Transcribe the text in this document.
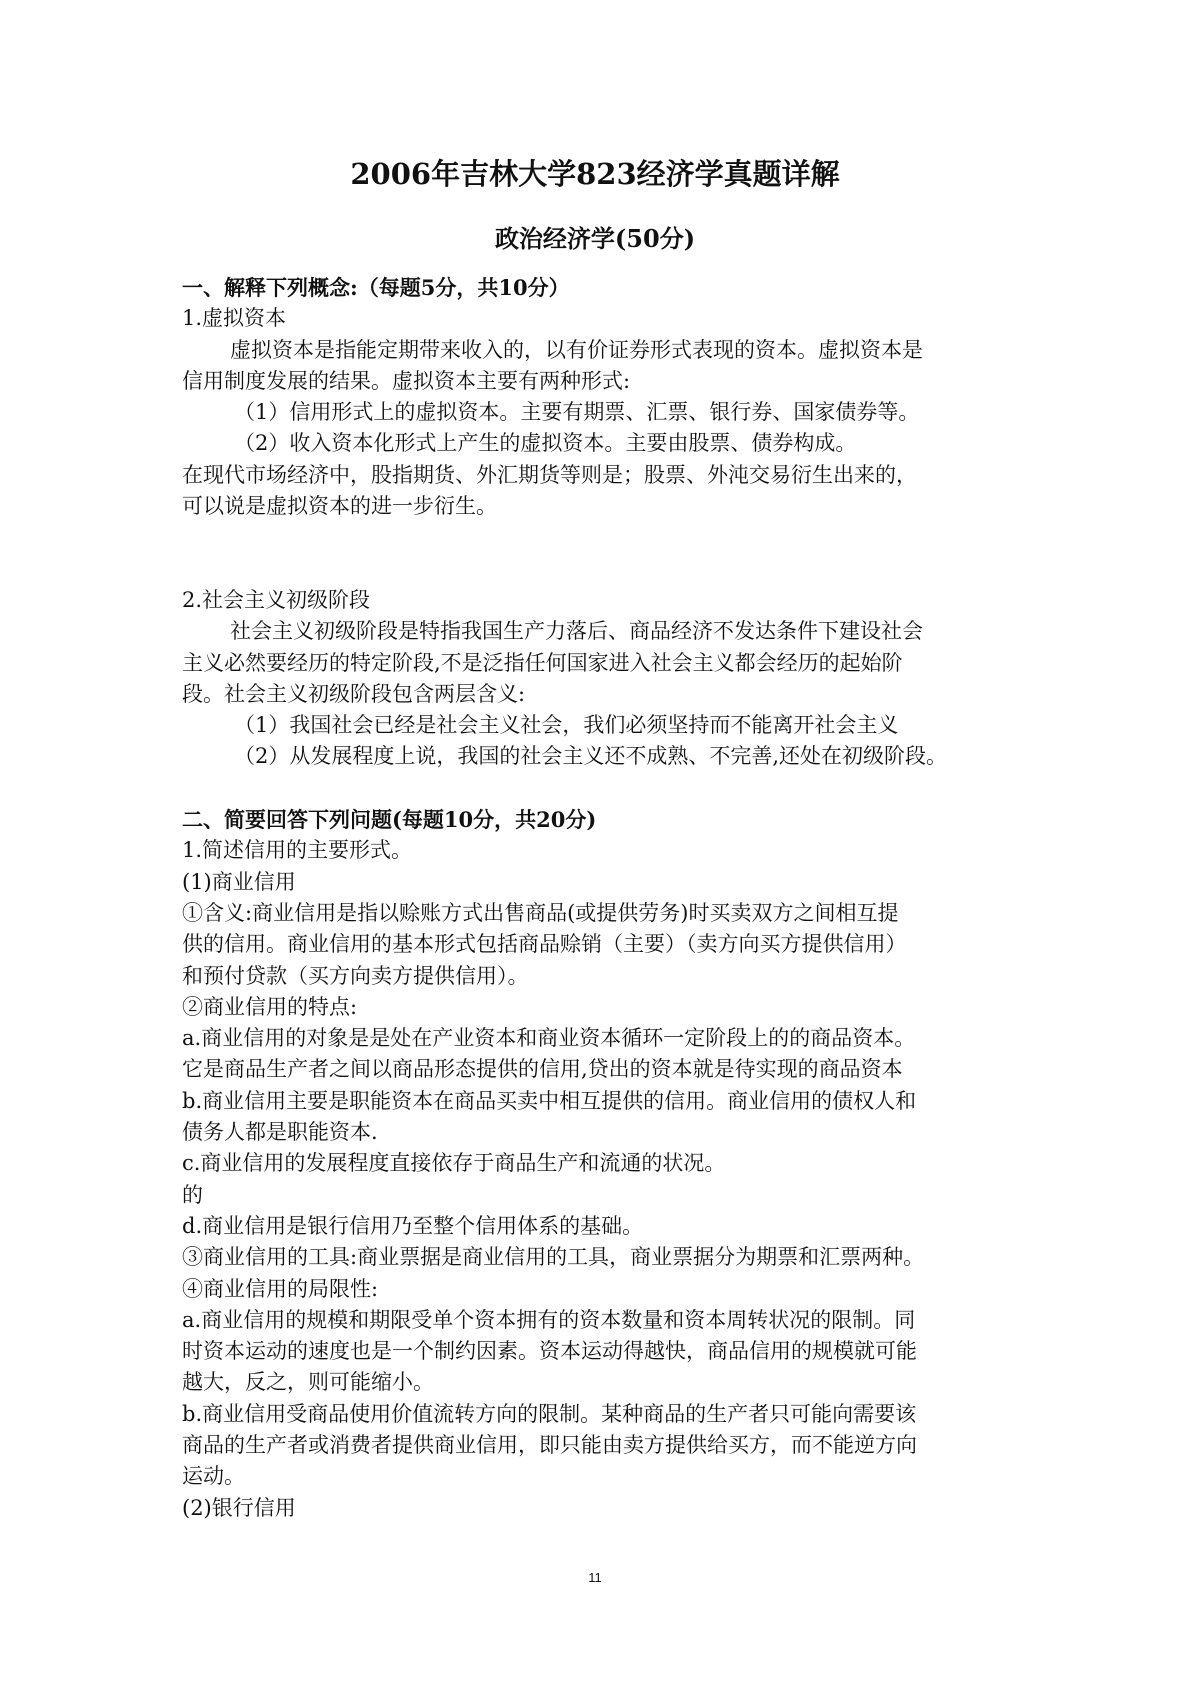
2006年吉林大学823经济学真题详解
政治经济学(50分)
一、解释下列概念:（每题5分，共10分）
1.虚拟资本
虚拟资本是指能定期带来收入的，以有价证券形式表现的资本。虚拟资本是
信用制度发展的结果。虚拟资本主要有两种形式:
（1）信用形式上的虚拟资本。主要有期票、汇票、银行券、国家债券等。
（2）收入资本化形式上产生的虚拟资本。主要由股票、债券构成。
在现代市场经济中，股指期货、外汇期货等则是；股票、外沌交易衍生出来的，
可以说是虚拟资本的进一步衍生。
2.社会主义初级阶段
社会主义初级阶段是特指我国生产力落后、商品经济不发达条件下建设社会
主义必然要经历的特定阶段,不是泛指任何国家进入社会主义都会经历的起始阶
段。社会主义初级阶段包含两层含义:
（1）我国社会已经是社会主义社会，我们必须坚持而不能离开社会主义
（2）从发展程度上说，我国的社会主义还不成熟、不完善,还处在初级阶段。
二、简要回答下列问题(每题10分，共20分)
1.简述信用的主要形式。
(1)商业信用
①含义:商业信用是指以赊账方式出售商品(或提供劳务)时买卖双方之间相互提
供的信用。商业信用的基本形式包括商品赊销（主要）（卖方向买方提供信用）
和预付贷款（买方向卖方提供信用）。
②商业信用的特点:
a.商业信用的对象是是处在产业资本和商业资本循环一定阶段上的的商品资本。
它是商品生产者之间以商品形态提供的信用,贷出的资本就是待实现的商品资本
b.商业信用主要是职能资本在商品买卖中相互提供的信用。商业信用的债权人和
债务人都是职能资本.
c.商业信用的发展程度直接依存于商品生产和流通的状况。
的
d.商业信用是银行信用乃至整个信用体系的基础。
③商业信用的工具:商业票据是商业信用的工具，商业票据分为期票和汇票两种。
④商业信用的局限性:
a.商业信用的规模和期限受单个资本拥有的资本数量和资本周转状况的限制。同
时资本运动的速度也是一个制约因素。资本运动得越快，商品信用的规模就可能
越大，反之，则可能缩小。
b.商业信用受商品使用价值流转方向的限制。某种商品的生产者只可能向需要该
商品的生产者或消费者提供商业信用，即只能由卖方提供给买方，而不能逆方向
运动。
(2)银行信用
11
